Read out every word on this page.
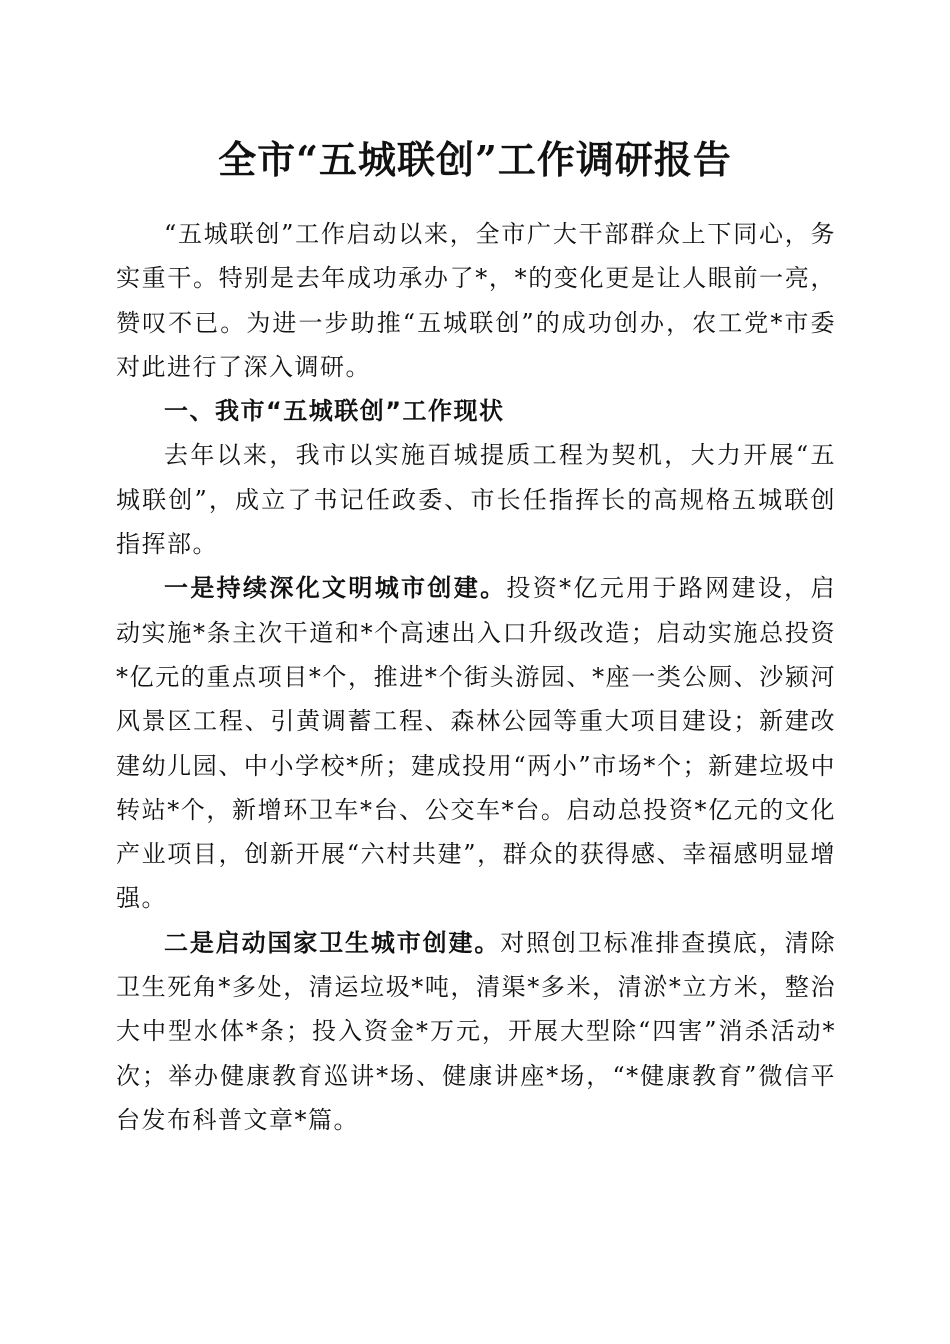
全市“五城联创”工作调研报告

“五城联创”工作启动以来，全市广大干部群众上下同心，务实重干。特别是去年成功承办了*，*的变化更是让人眼前一亮，赞叹不已。为进一步助推“五城联创”的成功创办，农工党*市委对此进行了深入调研。

一、我市“五城联创”工作现状

去年以来，我市以实施百城提质工程为契机，大力开展“五城联创”，成立了书记任政委、市长任指挥长的高规格五城联创指挥部。

一是持续深化文明城市创建。投资*亿元用于路网建设，启动实施*条主次干道和*个高速出入口升级改造；启动实施总投资*亿元的重点项目*个，推进*个街头游园、*座一类公厕、沙颍河风景区工程、引黄调蓄工程、森林公园等重大项目建设；新建改建幼儿园、中小学校*所；建成投用“两小”市场*个；新建垃圾中转站*个，新增环卫车*台、公交车*台。启动总投资*亿元的文化产业项目，创新开展“六村共建”，群众的获得感、幸福感明显增强。

二是启动国家卫生城市创建。对照创卫标准排查摸底，清除卫生死角*多处，清运垃圾*吨，清渠*多米，清淤*立方米，整治大中型水体*条；投入资金*万元，开展大型除“四害”消杀活动*次；举办健康教育巡讲*场、健康讲座*场，“*健康教育”微信平台发布科普文章*篇。
